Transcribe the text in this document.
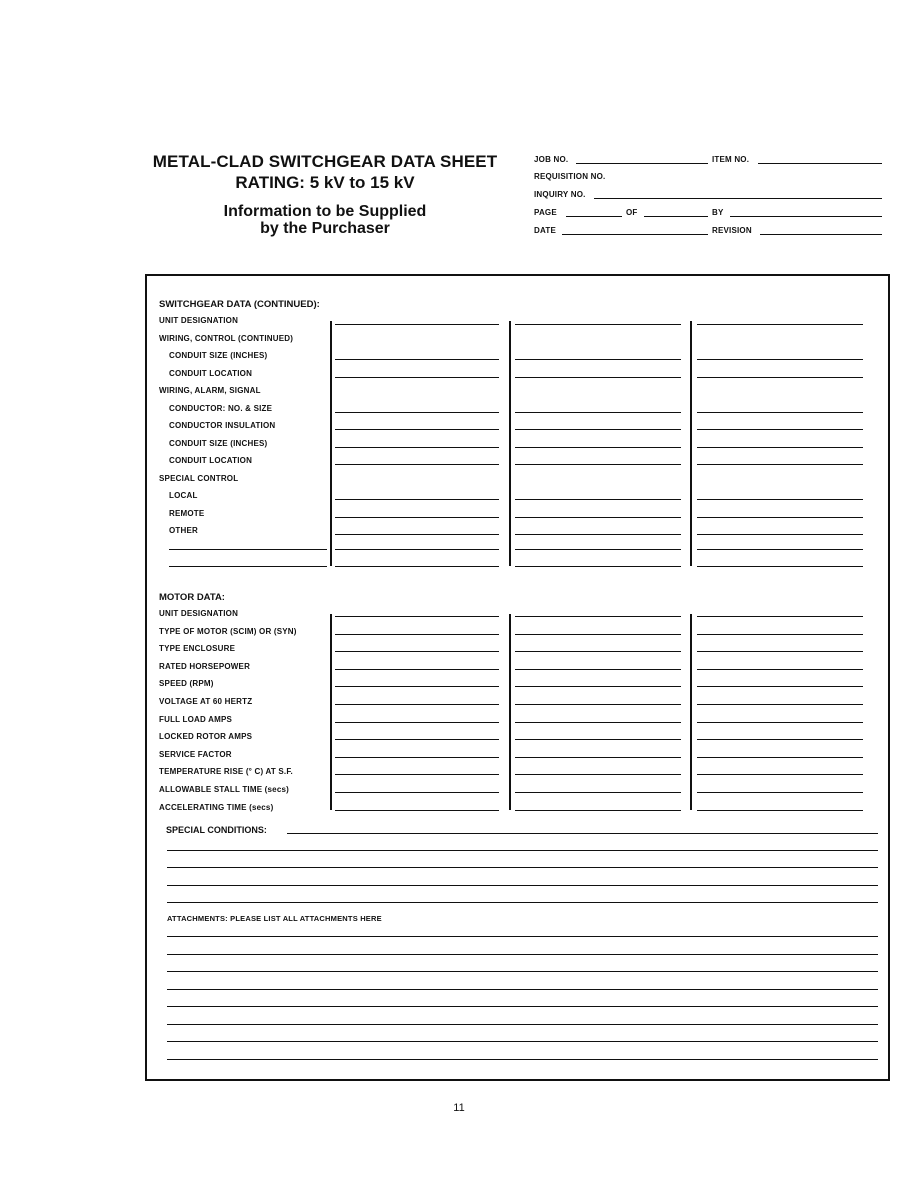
METAL-CLAD SWITCHGEAR DATA SHEET
RATING: 5 kV to 15 kV
Information to be Supplied
by the Purchaser
JOB NO.	ITEM NO.
REQUISITION NO.
INQUIRY NO.
PAGE	OF	BY
DATE	REVISION
SWITCHGEAR DATA (CONTINUED):
UNIT DESIGNATION
WIRING, CONTROL (CONTINUED)
CONDUIT SIZE (INCHES)
CONDUIT LOCATION
WIRING, ALARM, SIGNAL
CONDUCTOR: NO. & SIZE
CONDUCTOR INSULATION
CONDUIT SIZE (INCHES)
CONDUIT LOCATION
SPECIAL CONTROL
LOCAL
REMOTE
OTHER
MOTOR DATA:
UNIT DESIGNATION
TYPE OF MOTOR (SCIM) OR (SYN)
TYPE ENCLOSURE
RATED HORSEPOWER
SPEED (RPM)
VOLTAGE AT 60 HERTZ
FULL LOAD AMPS
LOCKED ROTOR AMPS
SERVICE FACTOR
TEMPERATURE RISE (° C) AT S.F.
ALLOWABLE STALL TIME (secs)
ACCELERATING TIME (secs)
SPECIAL CONDITIONS:
ATTACHMENTS: PLEASE LIST ALL ATTACHMENTS HERE
11
